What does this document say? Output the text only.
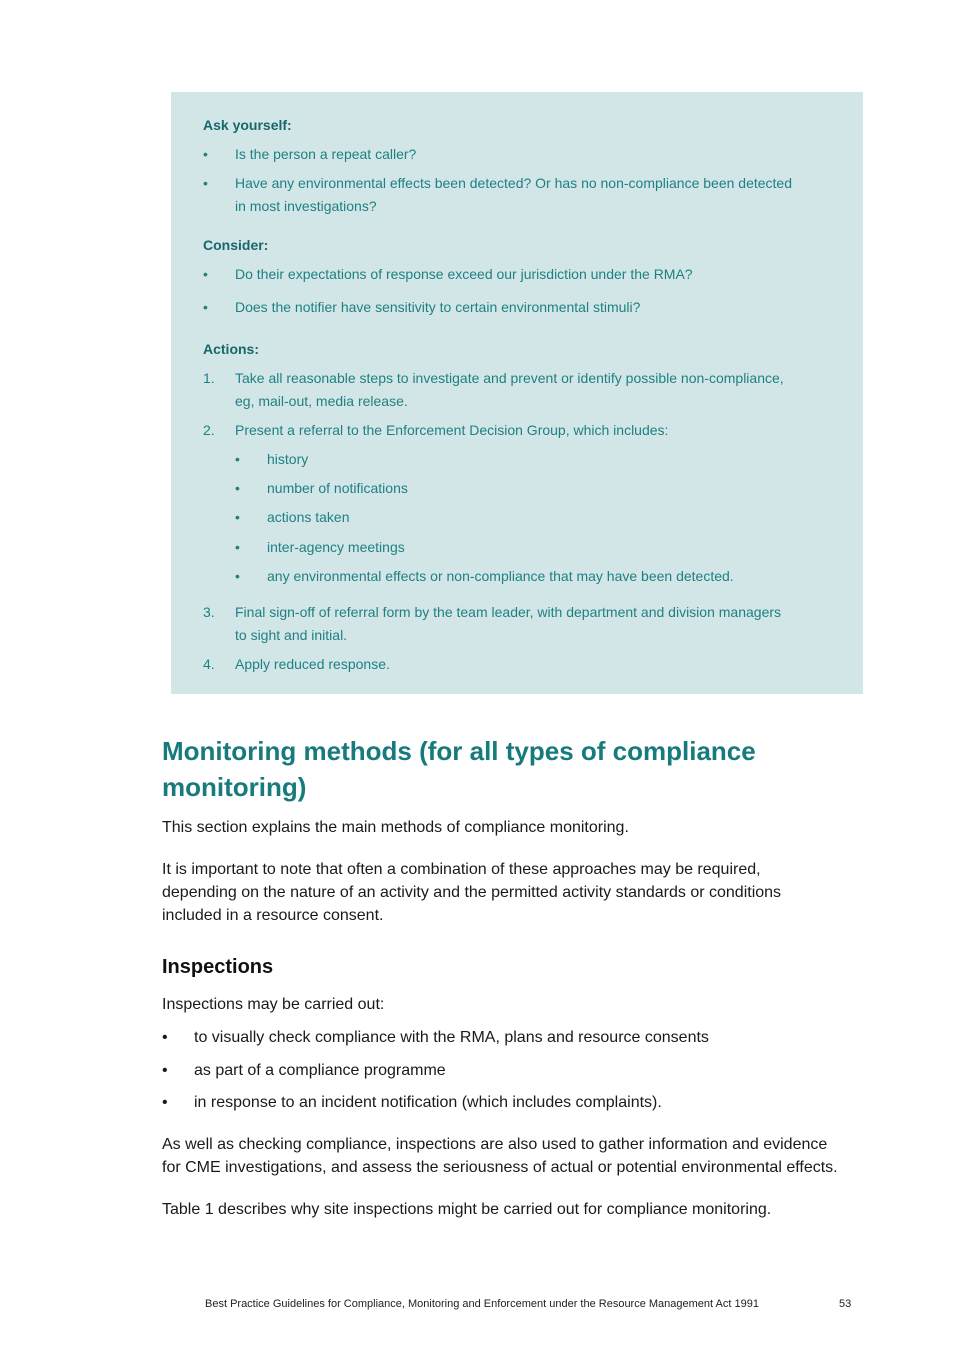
Ask yourself:
• Is the person a repeat caller?
• Have any environmental effects been detected? Or has no non-compliance been detected
in most investigations?
Consider:
• Do their expectations of response exceed our jurisdiction under the RMA?
• Does the notifier have sensitivity to certain environmental stimuli?
Actions:
1. Take all reasonable steps to investigate and prevent or identify possible non-compliance,
eg, mail-out, media release.
2. Present a referral to the Enforcement Decision Group, which includes:
• history
• number of notifications
• actions taken
• inter-agency meetings
• any environmental effects or non-compliance that may have been detected.
3. Final sign-off of referral form by the team leader, with department and division managers
to sight and initial.
4. Apply reduced response.
Monitoring methods (for all types of compliance
monitoring)
This section explains the main methods of compliance monitoring.
It is important to note that often a combination of these approaches may be required,
depending on the nature of an activity and the permitted activity standards or conditions
included in a resource consent.
Inspections
Inspections may be carried out:
• to visually check compliance with the RMA, plans and resource consents
• as part of a compliance programme
• in response to an incident notification (which includes complaints).
As well as checking compliance, inspections are also used to gather information and evidence
for CME investigations, and assess the seriousness of actual or potential environmental effects.
Table 1 describes why site inspections might be carried out for compliance monitoring.
Best Practice Guidelines for Compliance, Monitoring and Enforcement under the Resource Management Act 1991	53
